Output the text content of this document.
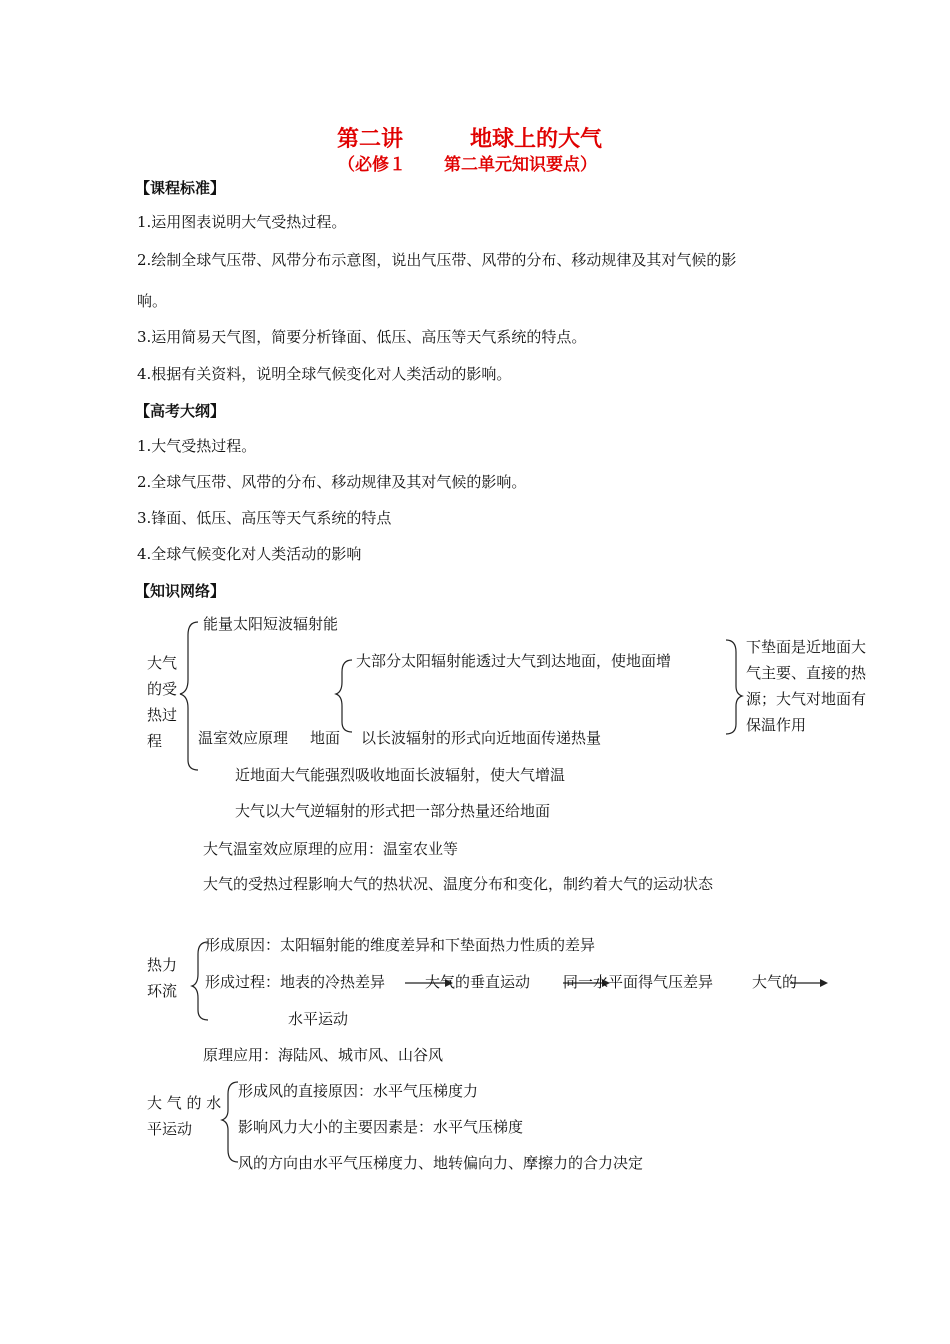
第二讲	地球上的大气
（必修１ 第二单元知识要点）
【课程标准】
1.运用图表说明大气受热过程。
2.绘制全球气压带、风带分布示意图，说出气压带、风带的分布、移动规律及其对气候的影
响。
3.运用简易天气图，简要分析锋面、低压、高压等天气系统的特点。
4.根据有关资料，说明全球气候变化对人类活动的影响。
【高考大纲】
1.大气受热过程。
2.全球气压带、风带的分布、移动规律及其对气候的影响。
3.锋面、低压、高压等天气系统的特点
4.全球气候变化对人类活动的影响
【知识网络】
大气的受热过程
能量太阳短波辐射能
大部分太阳辐射能透过大气到达地面，使地面增
温室效应原理 地面 以长波辐射的形式向近地面传递热量
下垫面是近地面大气主要、直接的热源；大气对地面有保温作用
近地面大气能强烈吸收地面长波辐射，使大气增温
大气以大气逆辐射的形式把一部分热量还给地面
大气温室效应原理的应用：温室农业等
大气的受热过程影响大气的热状况、温度分布和变化，制约着大气的运动状态
热力环流
形成原因：太阳辐射能的维度差异和下垫面热力性质的差异
形成过程：地表的冷热差异	大气的垂直运动 同一水平面得气压差异	大气的
水平运动
原理应用：海陆风、城市风、山谷风
大 气 的 水平运动
形成风的直接原因：水平气压梯度力
影响风力大小的主要因素是：水平气压梯度
风的方向由水平气压梯度力、地转偏向力、摩擦力的合力决定
